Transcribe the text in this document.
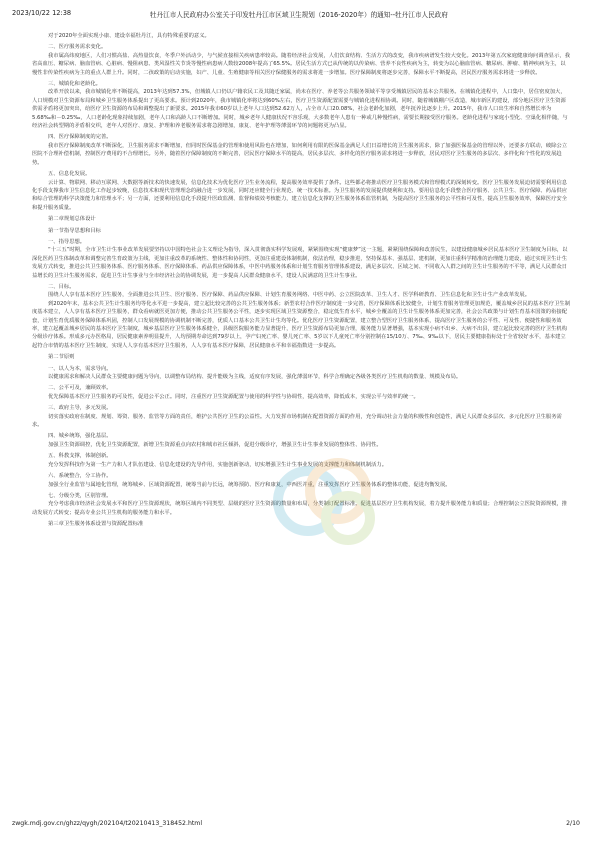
2023/10/22 12:38	牡丹江市人民政府办公室关于印发牡丹江市区域卫生规划（2016-2020年）的通知--牡丹江市人民政府

对于2020年全面实现小康、建设幸福牡丹江，具有特殊重要的意义。

二、医疗服务需求变化。

我市属高纬度地区，人们习惯高盐、高热量饮食，冬季户外活动少，与气候直接相关疾病患率较高。随着经济社会发展，人们饮食结构、生活方式的改变，我市疾病谱发生较大变化。2013年第五次家庭健康询问调查显示，我省高血压、糖尿病、脑血管病、心脏病、慢阻病患、类风湿性关节炎等慢性病患病人数较2008年提高了65.5%。居民生活方式已从传统的以传染病、营养不良性疾病为主，转变为以心脑血管病、糖尿病、肿瘤、精神疾病为主，以慢性非传染性疾病为主的重点人群上升。同时，二孩政策的启动实施，妇产、儿童、生殖健康等相关医疗保健服务的需求将进一步增加。医疗保障制度将逐步完善，保障水平不断提高，居民医疗服务需求将进一步释放。

三、城镇化和老龄化。

改革开放以来，我市城镇化率不断提高，2013年达到57.3%，但城镇人口仍以户籍农民工及其随迁家属，尚未在医疗、养老等公共服务领域平等享受城镇居民的基本公共服务。在城镇化进程中，人口集中，居住密度加大，人口规模对卫生资源布局和城乡卫生服务体系提出了更高要求。预计到2020年，我市城镇化率将达到60%左右，医疗卫生资源配置需要与城镇化进程相协调。同时，随着城镇棚户区改造，城市新区的建设，部分地区医疗卫生资源供需矛盾将更加突出，给医疗卫生资源的布局和调整提出了新要求。2015年我市60岁以上老年人口达到52.62万人，占全市人口20.08%，社会老龄化加剧，老年抚养比逐步上升。2015年，我市人口出生率和自然增长率为5.68‰和－0.25‰，人口老龄化现象持续加剧，老年人口和高龄人口不断增加。同时，城乡老年人健康状况不容乐观，大多数老年人患有一种或几种慢性病，需要长期接受医疗服务。老龄化进程与家庭小型化、空巢化相伴随，与经济社会转型期的矛盾相交织，老年人对医疗、康复、护理和养老服务需求将急剧增加，康复、老年护理等薄弱环节的问题将更为凸显。

四、医疗保障制度的完善。

我市医疗保障制度改革不断深化，卫生服务需求不断增加，但同时医保基金的管理和使用风险也在增加，如何利用有限的医保基金满足人们日益增长的卫生服务需求，除了加强医保基金的管理以外，还要多方联动，破除公立医院不合理补偿机制，控制医疗费用的不合理增长。另外，随着医疗保障制度的不断完善，居民医疗保障水平的提高，居民多层次、多样化的医疗服务需求将进一步释放，居民对医疗卫生服务的多层次、多样化和个性化的发展趋势。

五、信息化发展。

云计算、物联网、移动互联网、大数据等新技术的快速发展，信息化技术为优化医疗卫生业务流程，提高服务效率提供了条件。这些都必将推动医疗卫生服务模式和管理模式的深刻转变。医疗卫生服务发展迫切需要利用信息化手段支撑我市卫生信息化工作起步较晚，信息技术和现代管理理念的融合进一步发展，同时还应健全行业规范、统一技术标准。为卫生服务的发展提供便利和支持。要用信息化手段整合医疗服务、公共卫生、医疗保障、药品供应和综合管理的科学决策能力和管理水平；另一方面，还要利用信息化手段提升医政监测、监督和绩效考核能力，建立信息化支撑的卫生服务体系监管机制，为提高医疗卫生服务的公平性和可及性，提高卫生服务效率，保障医疗安全和提升服务质量。

第二章规划总体设计

第一节指导思想和目标

一、指导思想。

“十三五”时期，全市卫生计生事业改革发展要坚持以中国特色社会主义理论为指导，深入贯彻落实科学发展观，紧紧围绕实现“健康梦”这一主题，紧紧围绕保障和改善民生，以建设健康城乡居民基本医疗卫生制度为目标，以深化医药卫生体制改革和调整完善生育政策为主线，更加注重改革的系统性、整体性和协同性，更加注重建设体制机制，依法治理，稳步推进，坚持保基本、强基层、建机制，更加注重科学精准的治理能力建设，通过实现卫生计生发展方式转变，推进公共卫生服务体系、医疗服务体系、医疗保障体系、药品供应保障体系，中医中药服务体系和计划生育服务管理体系建设，满足多层次、区域之间、不同收入人群之间的卫生计生服务的不平等，满足人民群众日益增长的卫生计生服务需求，促进卫生计生事业与全市经济社会的协调发展，进一步提高人民群众健康水平，建设人民满意的卫生计生事业。

二、目标。

围绕人人享有基本医疗卫生服务，全面推进公共卫生、医疗服务、医疗保障、药品供应保障、计划生育服务网络、中医中药、公立医院改革、卫生人才、医学科研教育、卫生信息化和卫生计生产业改革发展。

到2020年末，基本公共卫生计生服务均等化水平进一步提高，建立起比较完善的公共卫生服务体系；新型农村合作医疗制度进一步完善，医疗保障体系比较健全，计划生育服务管理更加规范，覆盖城乡居民的基本医疗卫生制度基本建立，人人享有基本医疗卫生服务，群众看病就医更加方便，推动公共卫生服务公平性，逐步实现区域卫生资源整合，稳定低生育水平，城乡全覆盖的卫生计生服务体系更加完善，社会公共政策与计划生育基本国策的衔接配套，计划生育优质服务保障体系巩固，控制人口发展规模的协调机制不断完善，优质人口基本公共卫生计生均等化。优化医疗卫生资源配置，建立整合型医疗卫生服务体系，提高医疗卫生服务的公平性、可及性、便捷性和服务效率，建立起覆盖城乡居民的基本医疗卫生制度，城乡基层医疗卫生服务体系健全，县级医院服务能力显著提升，医疗卫生资源布局更加合理，服务能力显著增强，基本实现小病不出乡、大病不出县，建立起比较完善的医疗卫生机构分级诊疗体系。形成多元办医格局，居民健康素养明显提升，人均预期寿命达到79岁以上，孕产妇死亡率、婴儿死亡率、5岁以下儿童死亡率分别控制在15/10万、7‰、9‰以下，居民主要健康指标处于全省较好水平，基本建立起符合市情的基本医疗卫生制度，实现人人享有基本医疗卫生服务，人人享有基本医疗保障，居民健康水平和幸福指数进一步提高。

第二节原则

一、以人为本，需求导向。

以健康需求和解决人民群众主要健康问题为导向，以调整布局结构、提升能级为主线，适度有序发展，强化薄弱环节，科学合理确定各级各类医疗卫生机构的数量、规模及布局。

二、公平可及，兼顾效率。

优先保障基本医疗卫生服务的可及性，促进公平公正。同时，注重医疗卫生资源配置与使用的科学性与协调性，提高效率，降低成本，实现公平与效率的统一。

三、政府主导，多元发展。

切实落实政府在制度、规划、筹资、服务、监管等方面的责任，维护公共医疗卫生的公益性。大力发挥市场机制在配置资源方面的作用，充分调动社会力量的积极性和创造性，满足人民群众多层次、多元化医疗卫生服务需求。

四、城乡统筹，强化基层。

加强卫生资源调控，优化卫生资源配置，新增卫生资源重点向农村和城市社区倾斜，促进分级诊疗，增强卫生计生事业发展的整体性、协同性。

五、科教支撑，体制创新。

充分发挥科技作为第一生产力和人才队伍建设、信息化建设的先导作用，实施创新驱动，切实增强卫生计生事业发展的支撑能力和体制机制活力。

六、系统整合，分工协作。

加强全行业监管与属地化管理，统筹城乡、区域资源配置，统筹当前与长远，统筹预防、医疗和康复，中西医并重，注重发挥医疗卫生服务体系的整体功能，促进均衡发展。

七、分级分类，区别管理。

充分考虑我市经济社会发展水平和医疗卫生资源现状，统筹区域内不同类型、层级的医疗卫生资源的数量和布局，分类制订配置标准。促进基层医疗卫生机构发展，着力提升服务能力和质量；合理控制公立医院资源规模，推动发展方式转变；提高专业公共卫生机构的服务能力和水平。

第三章卫生服务体系设置与资源配置标准

zwgk.mdj.gov.cn/ghzz/qygh/202104/t20210413_318452.html	2/10
